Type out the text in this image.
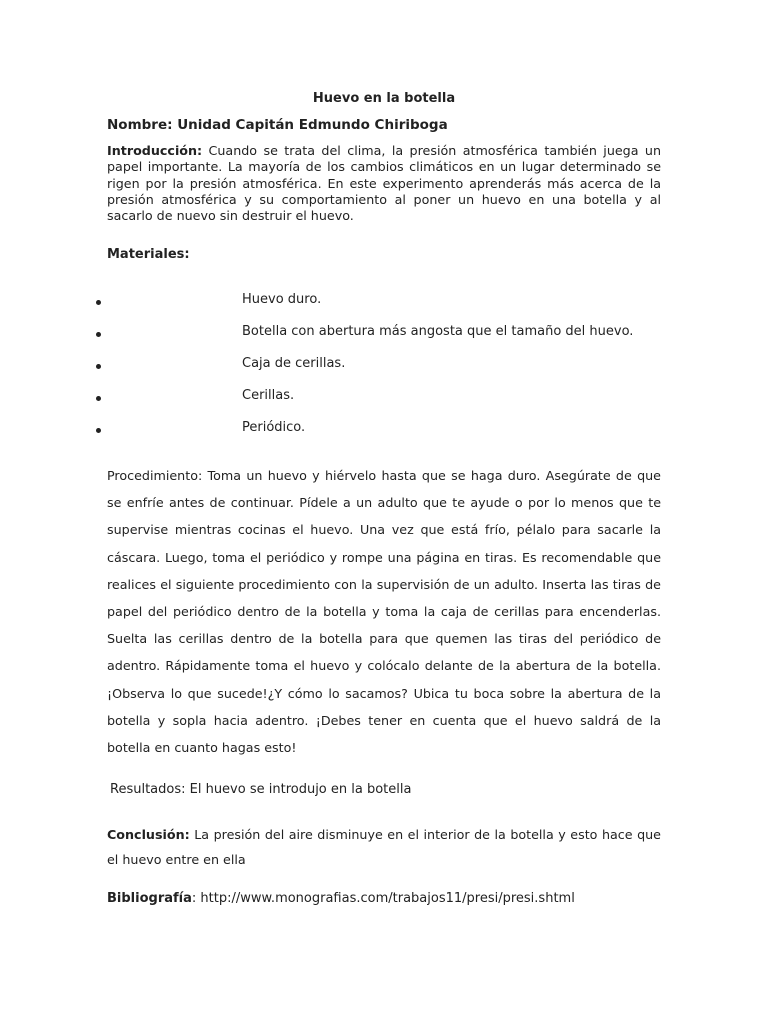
Huevo en la botella
Nombre: Unidad Capitán Edmundo Chiriboga
Introducción: Cuando se trata del clima, la presión atmosférica también juega un papel importante. La mayoría de los cambios climáticos en un lugar determinado se rigen por la presión atmosférica. En este experimento aprenderás más acerca de la presión atmosférica y su comportamiento al poner un huevo en una botella y al sacarlo de nuevo sin destruir el huevo.
Materiales:
Huevo duro.
Botella con abertura más angosta que el tamaño del huevo.
Caja de cerillas.
Cerillas.
Periódico.
Procedimiento: Toma un huevo y hiérvelo hasta que se haga duro. Asegúrate de que se enfríe antes de continuar. Pídele a un adulto que te ayude o por lo menos que te supervise mientras cocinas el huevo. Una vez que está frío, pélalo para sacarle la cáscara. Luego, toma el periódico y rompe una página en tiras. Es recomendable que realices el siguiente procedimiento con la supervisión de un adulto. Inserta las tiras de papel del periódico dentro de la botella y toma la caja de cerillas para encenderlas. Suelta las cerillas dentro de la botella para que quemen las tiras del periódico de adentro. Rápidamente toma el huevo y colócalo delante de la abertura de la botella. ¡Observa lo que sucede!¿Y cómo lo sacamos? Ubica tu boca sobre la abertura de la botella y sopla hacia adentro. ¡Debes tener en cuenta que el huevo saldrá de la botella en cuanto hagas esto!
Resultados: El huevo se introdujo en la botella
Conclusión: La presión del aire disminuye en el interior de la botella y esto hace que el huevo entre en ella
Bibliografía: http://www.monografias.com/trabajos11/presi/presi.shtml
